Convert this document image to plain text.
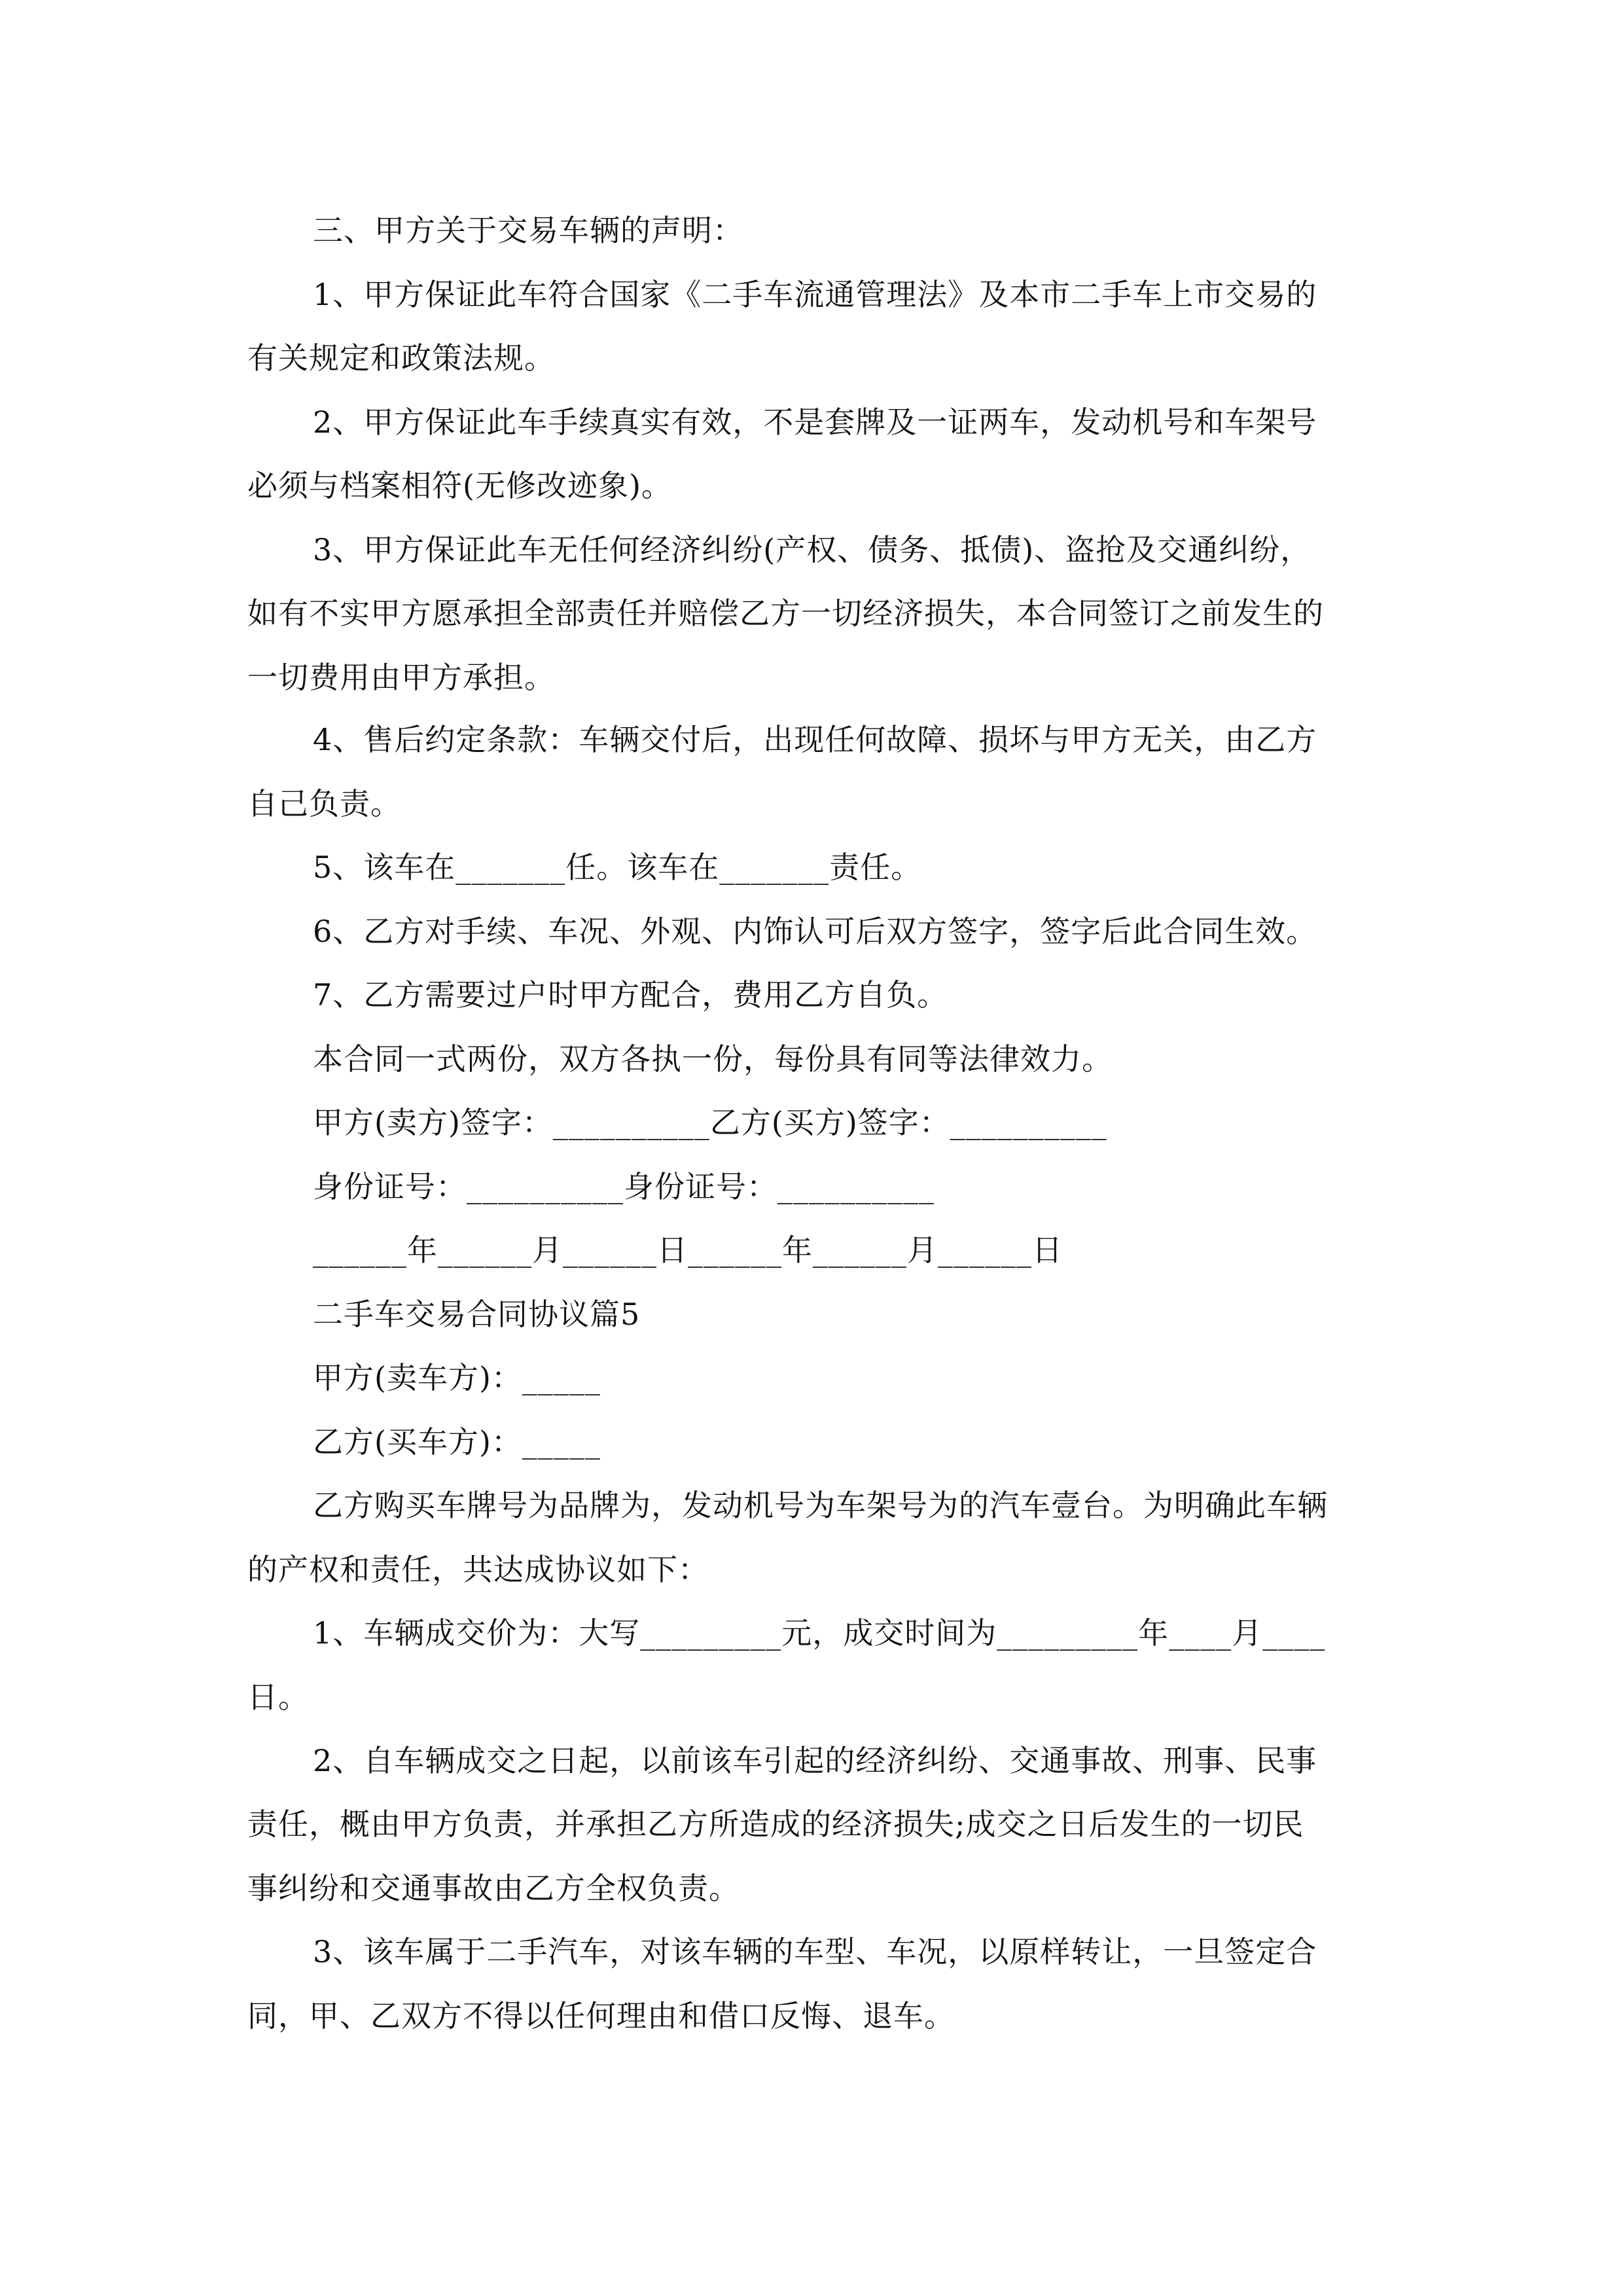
三、甲方关于交易车辆的声明：
1、甲方保证此车符合国家《二手车流通管理法》及本市二手车上市交易的
有关规定和政策法规。
2、甲方保证此车手续真实有效，不是套牌及一证两车，发动机号和车架号
必须与档案相符(无修改迹象)。
3、甲方保证此车无任何经济纠纷(产权、债务、抵债)、盗抢及交通纠纷，
如有不实甲方愿承担全部责任并赔偿乙方一切经济损失，本合同签订之前发生的
一切费用由甲方承担。
4、售后约定条款：车辆交付后，出现任何故障、损坏与甲方无关，由乙方
自己负责。
5、该车在_______任。该车在_______责任。
6、乙方对手续、车况、外观、内饰认可后双方签字，签字后此合同生效。
7、乙方需要过户时甲方配合，费用乙方自负。
本合同一式两份，双方各执一份，每份具有同等法律效力。
甲方(卖方)签字：__________乙方(买方)签字：__________
身份证号：__________身份证号：__________
______年______月______日______年______月______日
二手车交易合同协议篇5
甲方(卖车方)：_____
乙方(买车方)：_____
乙方购买车牌号为品牌为，发动机号为车架号为的汽车壹台。为明确此车辆
的产权和责任，共达成协议如下：
1、车辆成交价为：大写_________元，成交时间为_________年____月____
日。
2、自车辆成交之日起，以前该车引起的经济纠纷、交通事故、刑事、民事
责任，概由甲方负责，并承担乙方所造成的经济损失;成交之日后发生的一切民
事纠纷和交通事故由乙方全权负责。
3、该车属于二手汽车，对该车辆的车型、车况，以原样转让，一旦签定合
同，甲、乙双方不得以任何理由和借口反悔、退车。
